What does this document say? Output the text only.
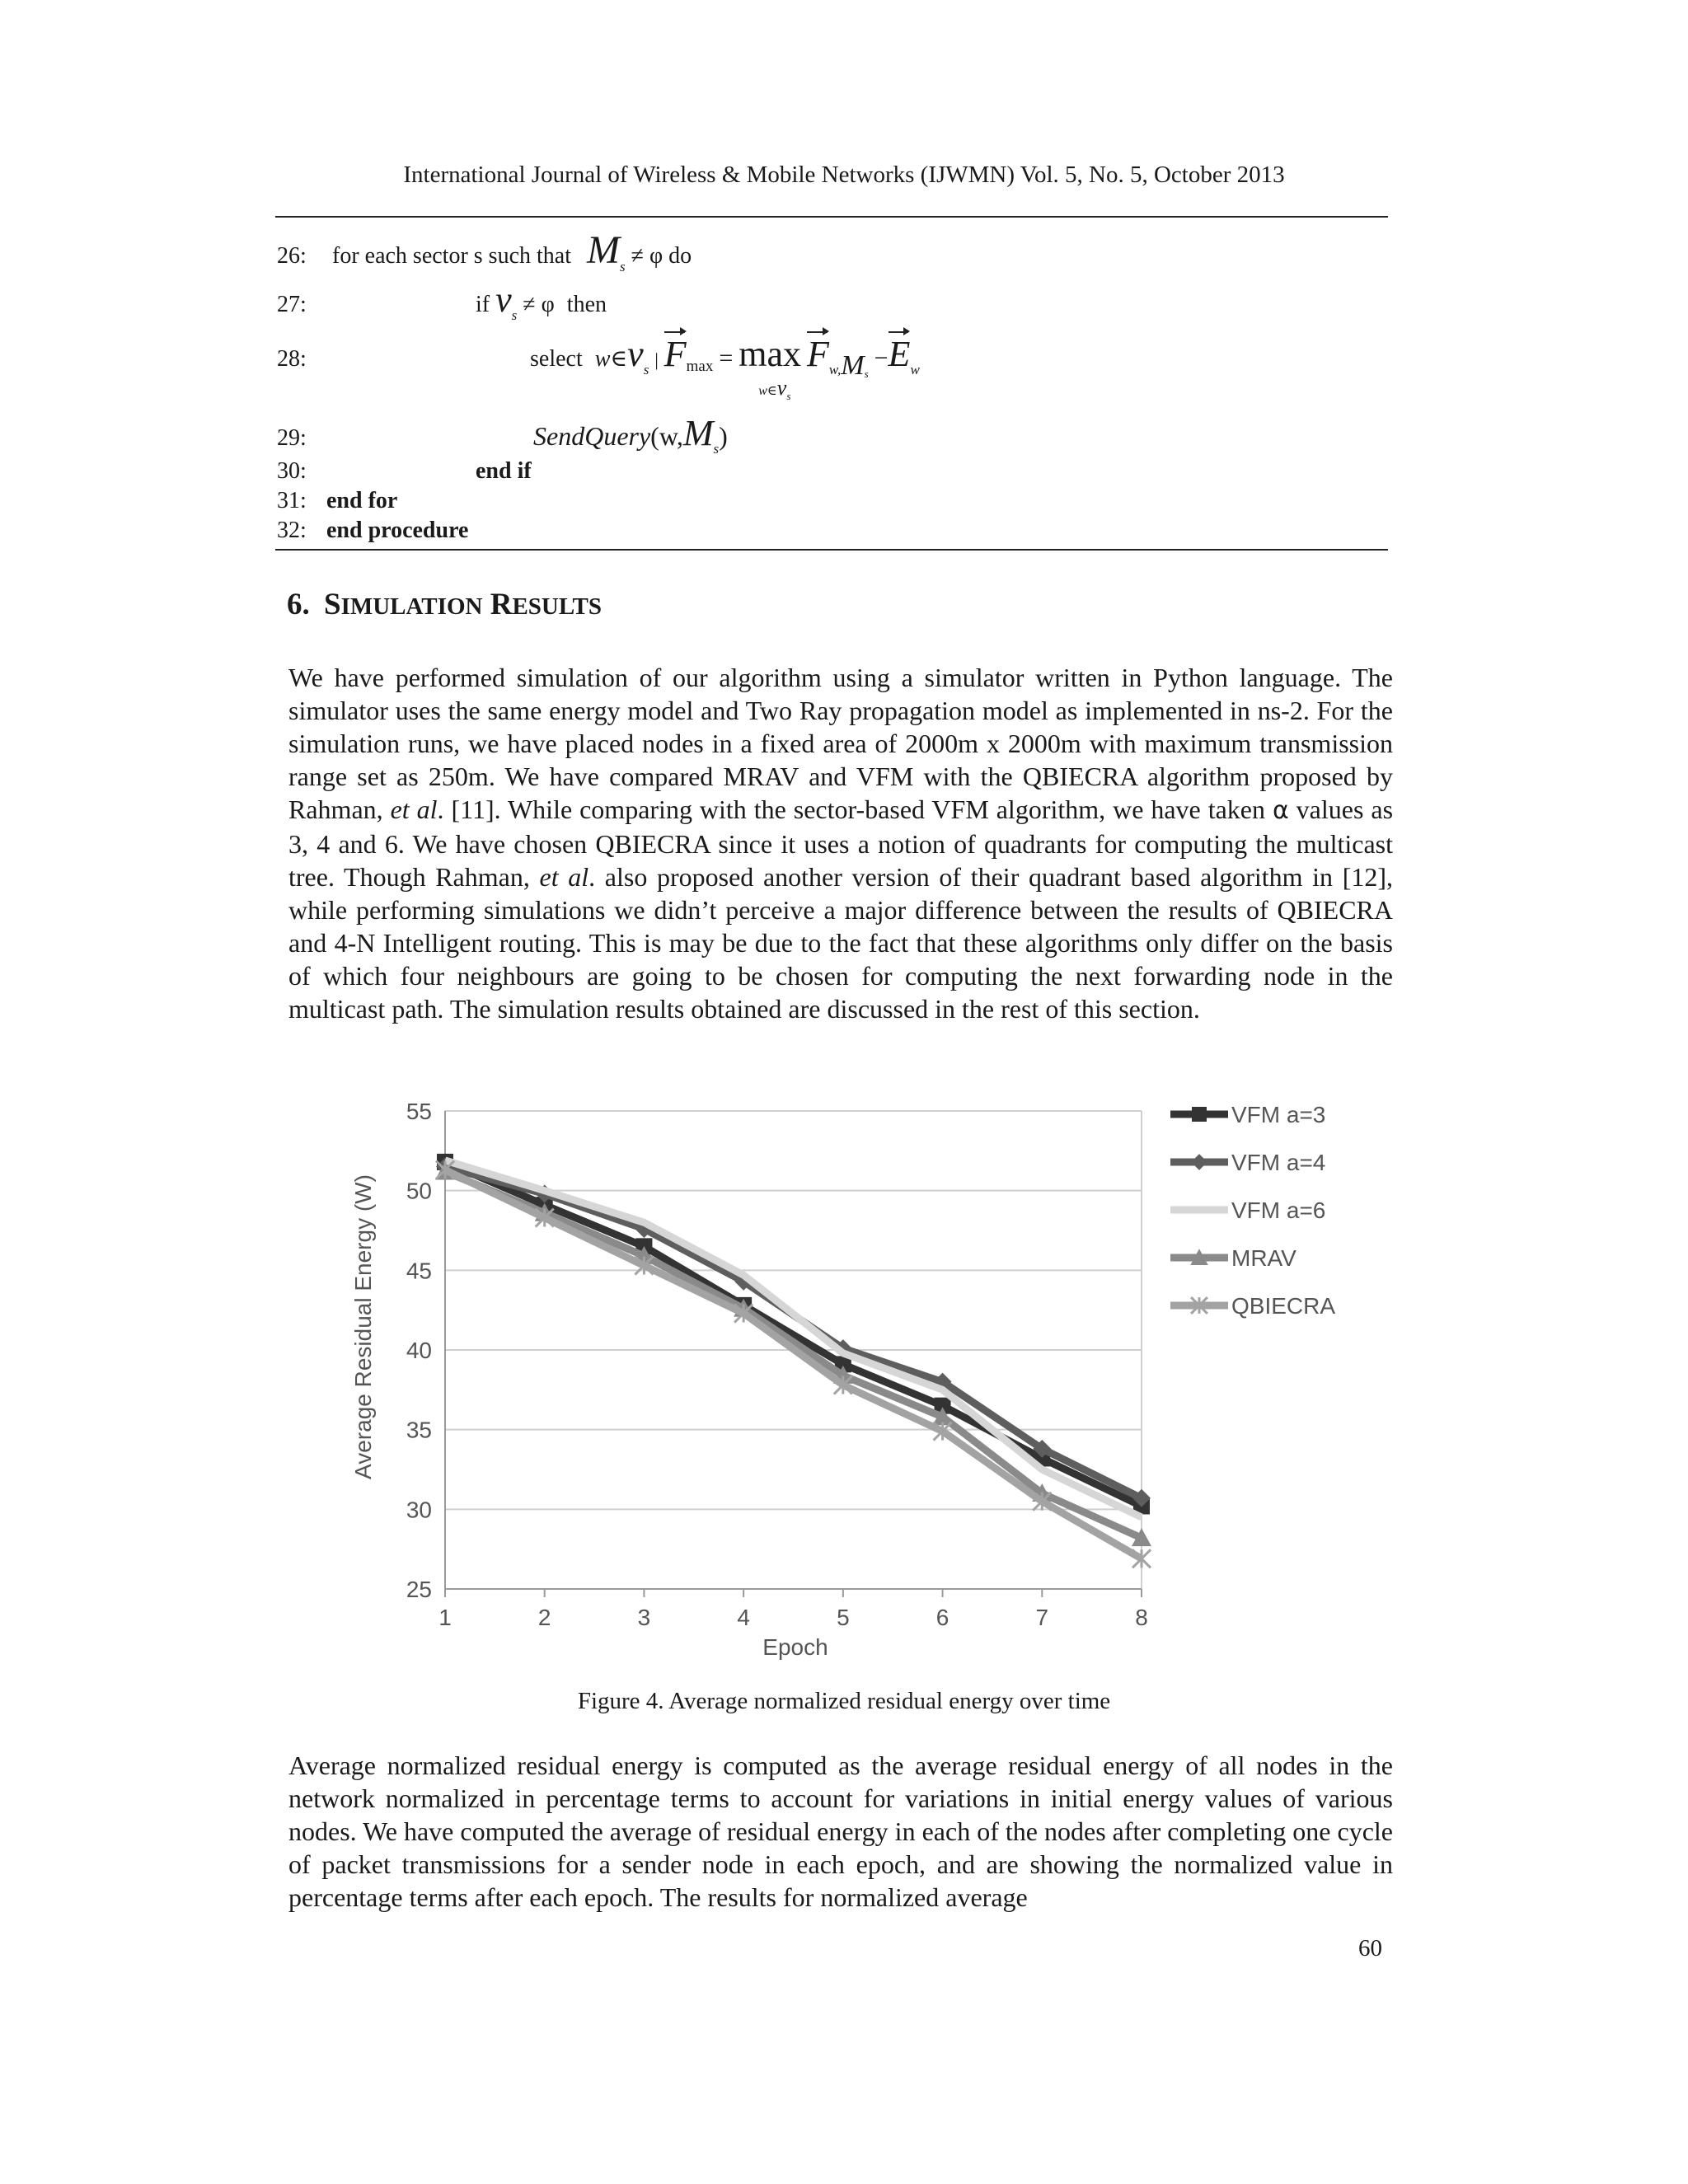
International Journal of Wireless & Mobile Networks (IJWMN) Vol. 5, No. 5, October 2013
26: for each sector s such that $M_s \ne \varphi$ do
27:	if $v_s \ne \varphi$ then
28:	select $w\in v_s$ | $F_{max} = \max$
$w\in v_s$
$F_{w,}M_s -E_w$
29:	$SendQuery(w,M_s)$
30:	end if
31: end for
32: end procedure
6. SIMULATION RESULTS

We have performed simulation of our algorithm using a simulator written in Python language. The simulator uses the same energy model and Two Ray propagation model as implemented in ns-2. For the simulation runs, we have placed nodes in a fixed area of 2000m x 2000m with maximum transmission range set as 250m. We have compared MRAV and VFM with the QBIECRA algorithm proposed by Rahman, et al. [11]. While comparing with the sector-based VFM algorithm, we have taken α values as 3, 4 and 6. We have chosen QBIECRA since it uses a notion of quadrants for computing the multicast tree. Though Rahman, et al. also proposed another version of their quadrant based algorithm in [12], while performing simulations we didn’t perceive a major difference between the results of QBIECRA and 4-N Intelligent routing. This is may be due to the fact that these algorithms only differ on the basis of which four neighbours are going to be chosen for computing the next forwarding node in the multicast path. The simulation results obtained are discussed in the rest of this section.

25
30
35
40
45
50
55
1	2	3	4	5	6	7	8
VFM a=3
VFM a=4
VFM a=6
MRAV
QBIECRA
Epoch
Average Residual Energy (W)
Figure 4. Average normalized residual energy over time

Average normalized residual energy is computed as the average residual energy of all nodes in the network normalized in percentage terms to account for variations in initial energy values of various nodes. We have computed the average of residual energy in each of the nodes after completing one cycle of packet transmissions for a sender node in each epoch, and are showing the normalized value in percentage terms after each epoch. The results for normalized average

60
